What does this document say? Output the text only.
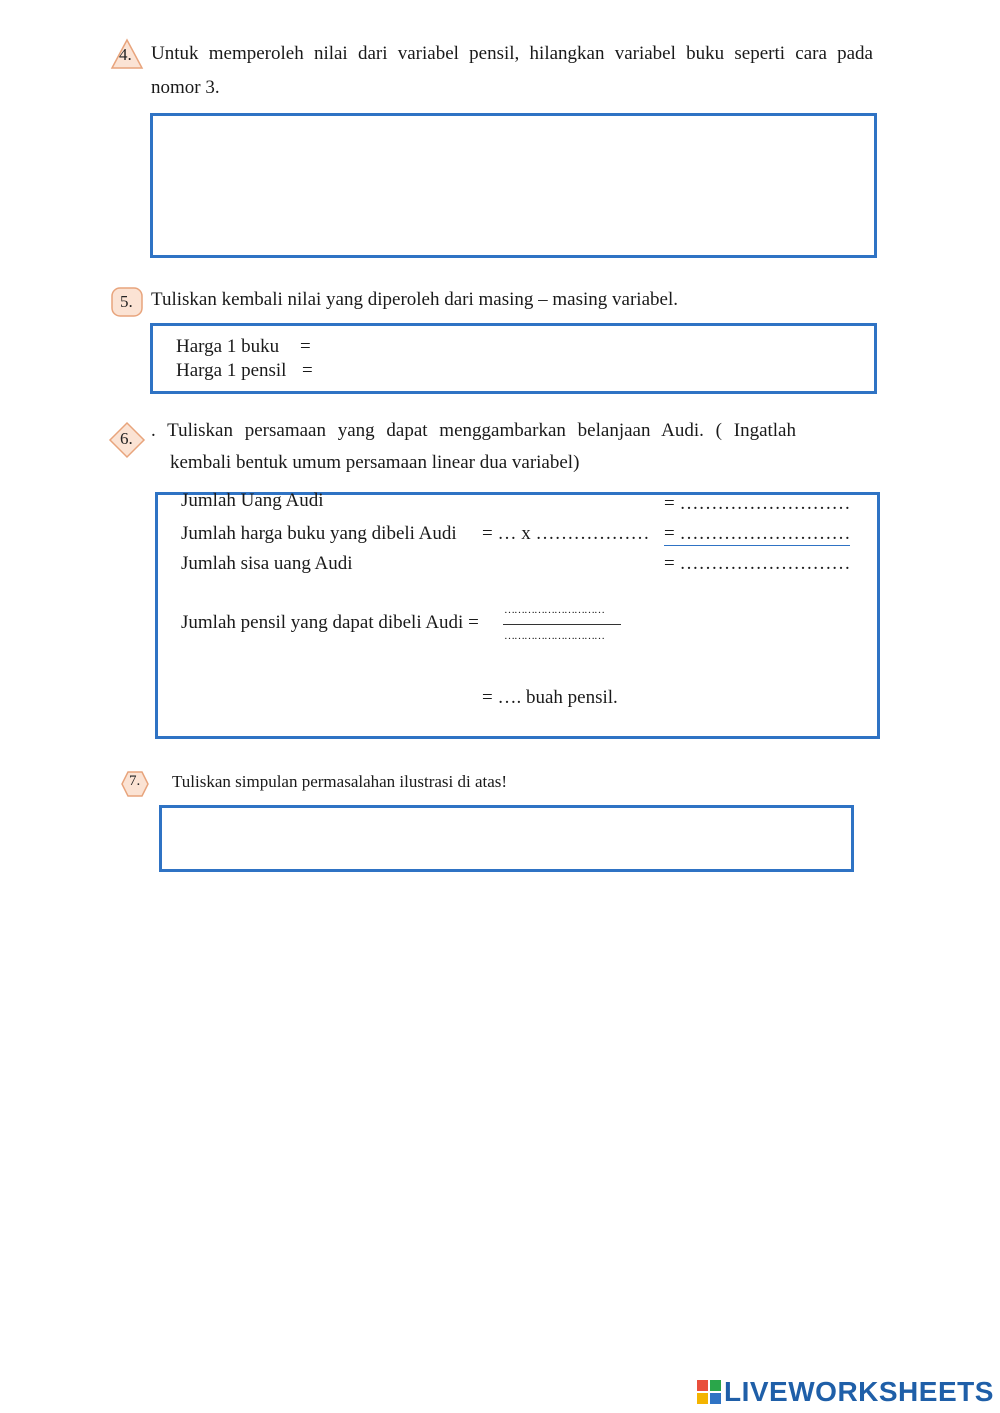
4. Untuk memperoleh nilai dari variabel pensil, hilangkan variabel buku seperti cara pada
nomor 3.
5. Tuliskan kembali nilai yang diperoleh dari masing – masing variabel.
Harga 1 buku =
Harga 1 pensil =
6. . Tuliskan persamaan yang dapat menggambarkan belanjaan Audi. ( Ingatlah
kembali bentuk umum persamaan linear dua variabel)
Jumlah Uang Audi	= ………………………
Jumlah harga buku yang dibeli Audi = … x ……………… = ………………………
Jumlah sisa uang Audi	= ………………………
Jumlah pensil yang dapat dibeli Audi =
…………………………
…………………………
= …. buah pensil.
7. Tuliskan simpulan permasalahan ilustrasi di atas!
LIVEWORKSHEETS
